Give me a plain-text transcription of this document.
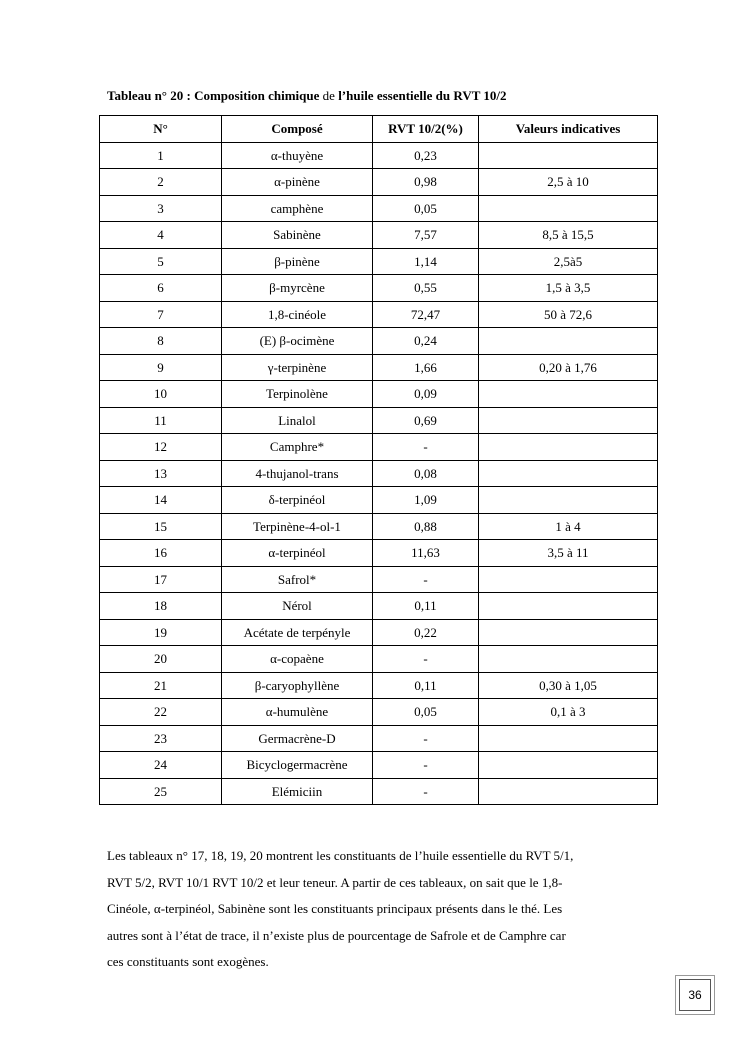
Tableau n° 20 : Composition chimique de l’huile essentielle du RVT 10/2
N°	Composé	RVT 10/2(%)	Valeurs indicatives
1	α-thuyène	0,23	
2	α-pinène	0,98	2,5 à 10
3	camphène	0,05	
4	Sabinène	7,57	8,5 à 15,5
5	β-pinène	1,14	2,5à5
6	β-myrcène	0,55	1,5 à 3,5
7	1,8-cinéole	72,47	50 à 72,6
8	(E) β-ocimène	0,24	
9	γ-terpinène	1,66	0,20 à 1,76
10	Terpinolène	0,09	
11	Linalol	0,69	
12	Camphre*	-	
13	4-thujanol-trans	0,08	
14	δ-terpinéol	1,09	
15	Terpinène-4-ol-1	0,88	1 à 4
16	α-terpinéol	11,63	3,5 à 11
17	Safrol*	-	
18	Nérol	0,11	
19	Acétate de terpényle	0,22	
20	α-copaène	-	
21	β-caryophyllène	0,11	0,30 à 1,05
22	α-humulène	0,05	0,1 à 3
23	Germacrène-D	-	
24	Bicyclogermacrène	-	
25	Elémiciin	-	
Les tableaux n° 17, 18, 19, 20 montrent les constituants de l’huile essentielle du RVT 5/1,
RVT 5/2, RVT 10/1 RVT 10/2 et leur teneur. A partir de ces tableaux, on sait que le 1,8-
Cinéole, α-terpinéol, Sabinène sont les constituants principaux présents dans le thé. Les
autres sont à l’état de trace, il n’existe plus de pourcentage de Safrole et de Camphre car
ces constituants sont exogènes.
36
